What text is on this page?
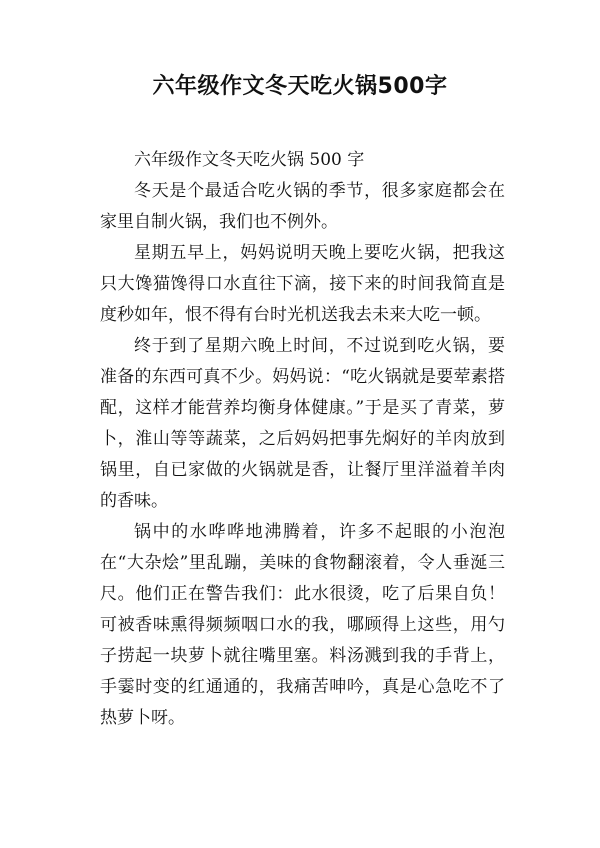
六年级作文冬天吃火锅500字

六年级作文冬天吃火锅 500 字

冬天是个最适合吃火锅的季节，很多家庭都会在家里自制火锅，我们也不例外。

星期五早上，妈妈说明天晚上要吃火锅，把我这只大馋猫馋得口水直往下滴，接下来的时间我简直是度秒如年，恨不得有台时光机送我去未来大吃一顿。

终于到了星期六晚上时间，不过说到吃火锅，要准备的东西可真不少。妈妈说：“吃火锅就是要荤素搭配，这样才能营养均衡身体健康。”于是买了青菜，萝卜，淮山等等蔬菜，之后妈妈把事先焖好的羊肉放到锅里，自已家做的火锅就是香，让餐厅里洋溢着羊肉的香味。

锅中的水哗哗地沸腾着，许多不起眼的小泡泡在“大杂烩”里乱蹦，美味的食物翻滚着，令人垂涎三尺。他们正在警告我们：此水很烫，吃了后果自负！可被香味熏得频频咽口水的我，哪顾得上这些，用勺子捞起一块萝卜就往嘴里塞。料汤溅到我的手背上，手霎时变的红通通的，我痛苦呻吟，真是心急吃不了热萝卜呀。
